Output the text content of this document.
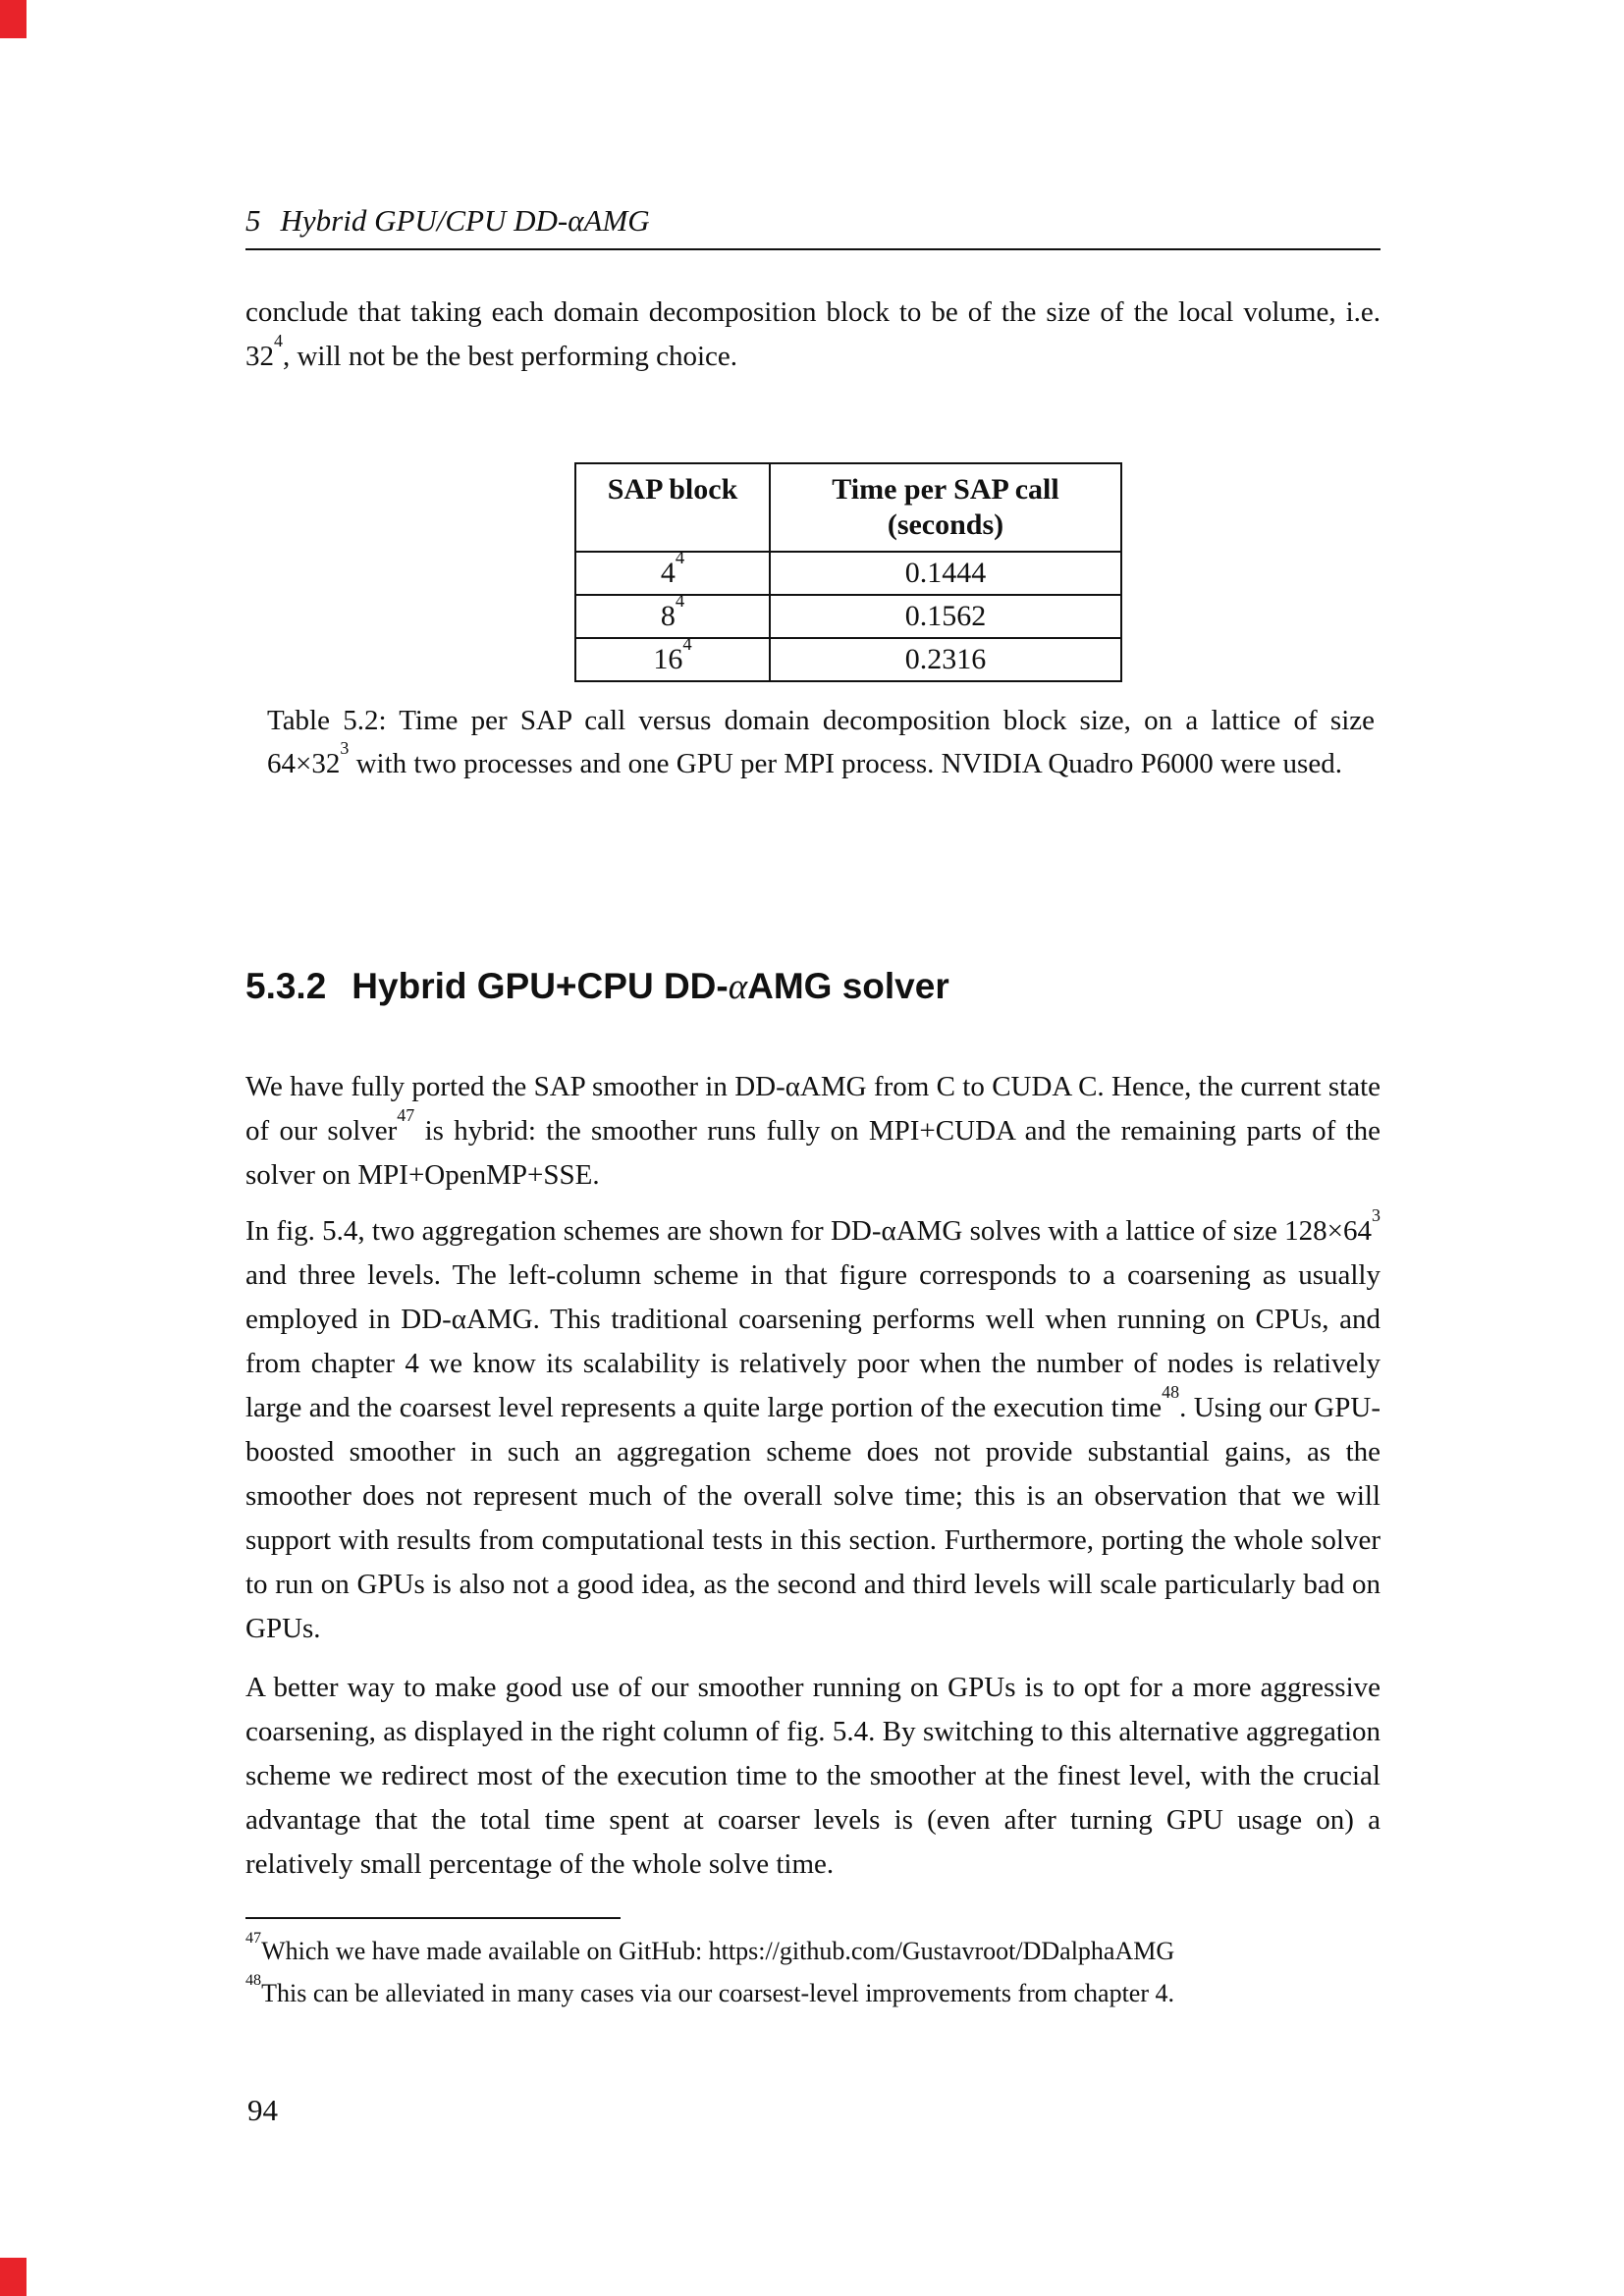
5 Hybrid GPU/CPU DD-αAMG
conclude that taking each domain decomposition block to be of the size of the local volume, i.e. $32^4$, will not be the best performing choice.
SAP block	Time per SAP call
(seconds)
$4^4$	0.1444
$8^4$	0.1562
$16^4$	0.2316
Table 5.2: Time per SAP call versus domain decomposition block size, on a lattice of size $64\times 32^3$ with two processes and one GPU per MPI process. NVIDIA Quadro P6000 were used.
5.3.2 Hybrid GPU+CPU DD-αAMG solver
We have fully ported the SAP smoother in DD-αAMG from C to CUDA C. Hence, the current state of our solver$^{47}$ is hybrid: the smoother runs fully on MPI+CUDA and the remaining parts of the solver on MPI+OpenMP+SSE.
In fig. 5.4, two aggregation schemes are shown for DD-αAMG solves with a lattice of size $128\times 64^3$ and three levels. The left-column scheme in that figure corresponds to a coarsening as usually employed in DD-αAMG. This traditional coarsening performs well when running on CPUs, and from chapter 4 we know its scalability is relatively poor when the number of nodes is relatively large and the coarsest level represents a quite large portion of the execution time$^{48}$. Using our GPU-boosted smoother in such an aggregation scheme does not provide substantial gains, as the smoother does not represent much of the overall solve time; this is an observation that we will support with results from computational tests in this section. Furthermore, porting the whole solver to run on GPUs is also not a good idea, as the second and third levels will scale particularly bad on GPUs.
A better way to make good use of our smoother running on GPUs is to opt for a more aggressive coarsening, as displayed in the right column of fig. 5.4. By switching to this alternative aggregation scheme we redirect most of the execution time to the smoother at the finest level, with the crucial advantage that the total time spent at coarser levels is (even after turning GPU usage on) a relatively small percentage of the whole solve time.
$^{47}$Which we have made available on GitHub: https://github.com/Gustavroot/DDalphaAMG
$^{48}$This can be alleviated in many cases via our coarsest-level improvements from chapter 4.
94
